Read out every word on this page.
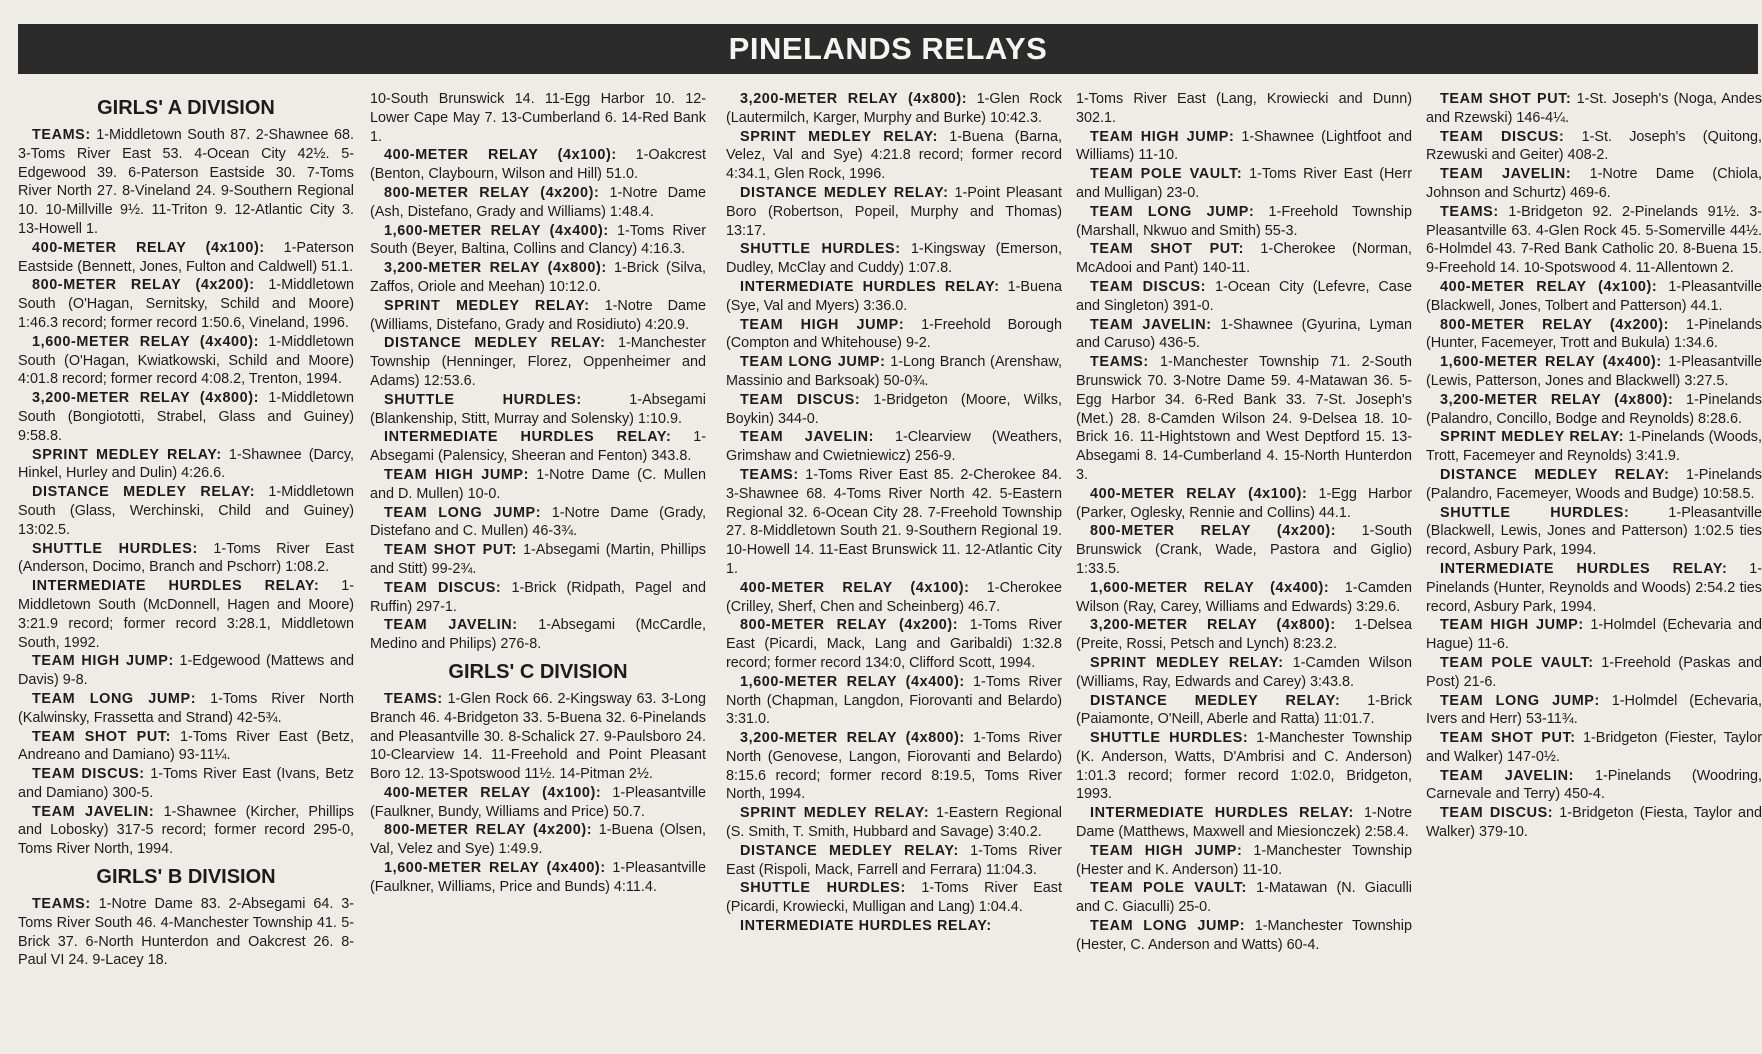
PINELANDS RELAYS
GIRLS' A DIVISION

TEAMS: 1-Middletown South 87. 2-Shawnee 68. 3-Toms River East 53. 4-Ocean City 42½. 5-Edgewood 39. 6-Paterson Eastside 30. 7-Toms River North 27. 8-Vineland 24. 9-Southern Regional 10. 10-Millville 9½. 11-Triton 9. 12-Atlantic City 3. 13-Howell 1.

400-METER RELAY (4x100): 1-Paterson Eastside (Bennett, Jones, Fulton and Caldwell) 51.1.

800-METER RELAY (4x200): 1-Middletown South (O'Hagan, Sernitsky, Schild and Moore) 1:46.3 record; former record 1:50.6, Vineland, 1996.

1,600-METER RELAY (4x400): 1-Middletown South (O'Hagan, Kwiatkowski, Schild and Moore) 4:01.8 record; former record 4:08.2, Trenton, 1994.

3,200-METER RELAY (4x800): 1-Middletown South (Bongiototti, Strabel, Glass and Guiney) 9:58.8.

SPRINT MEDLEY RELAY: 1-Shawnee (Darcy, Hinkel, Hurley and Dulin) 4:26.6.

DISTANCE MEDLEY RELAY: 1-Middletown South (Glass, Werchinski, Child and Guiney) 13:02.5.

SHUTTLE HURDLES: 1-Toms River East (Anderson, Docimo, Branch and Pschorr) 1:08.2.

INTERMEDIATE HURDLES RELAY: 1-Middletown South (McDonnell, Hagen and Moore) 3:21.9 record; former record 3:28.1, Middletown South, 1992.

TEAM HIGH JUMP: 1-Edgewood (Mattews and Davis) 9-8.

TEAM LONG JUMP: 1-Toms River North (Kalwinsky, Frassetta and Strand) 42-5¾.

TEAM SHOT PUT: 1-Toms River East (Betz, Andreano and Damiano) 93-11¼.

TEAM DISCUS: 1-Toms River East (Ivans, Betz and Damiano) 300-5.

TEAM JAVELIN: 1-Shawnee (Kircher, Phillips and Lobosky) 317-5 record; former record 295-0, Toms River North, 1994.

GIRLS' B DIVISION

TEAMS: 1-Notre Dame 83. 2-Absegami 64. 3-Toms River South 46. 4-Manchester Township 41. 5-Brick 37. 6-North Hunterdon and Oakcrest 26. 8-Paul VI 24. 9-Lacey 18.

10-South Brunswick 14. 11-Egg Harbor 10. 12-Lower Cape May 7. 13-Cumberland 6. 14-Red Bank 1.

400-METER RELAY (4x100): 1-Oakcrest (Benton, Claybourn, Wilson and Hill) 51.0.

800-METER RELAY (4x200): 1-Notre Dame (Ash, Distefano, Grady and Williams) 1:48.4.

1,600-METER RELAY (4x400): 1-Toms River South (Beyer, Baltina, Collins and Clancy) 4:16.3.

3,200-METER RELAY (4x800): 1-Brick (Silva, Zaffos, Oriole and Meehan) 10:12.0.

SPRINT MEDLEY RELAY: 1-Notre Dame (Williams, Distefano, Grady and Rosidiuto) 4:20.9.

DISTANCE MEDLEY RELAY: 1-Manchester Township (Henninger, Florez, Oppenheimer and Adams) 12:53.6.

SHUTTLE HURDLES:	1-Absegami (Blankenship, Stitt, Murray and Solensky) 1:10.9.

INTERMEDIATE HURDLES RELAY: 1-Absegami (Palensicy, Sheeran and Fenton) 343.8.

TEAM HIGH JUMP: 1-Notre Dame (C. Mullen and D. Mullen) 10-0.

TEAM LONG JUMP: 1-Notre Dame (Grady, Distefano and C. Mullen) 46-3¾.

TEAM SHOT PUT: 1-Absegami (Martin, Phillips and Stitt) 99-2¾.

TEAM DISCUS: 1-Brick (Ridpath, Pagel and Ruffin) 297-1.

TEAM JAVELIN: 1-Absegami (McCardle, Medino and Philips) 276-8.

GIRLS' C DIVISION

TEAMS: 1-Glen Rock 66. 2-Kingsway 63. 3-Long Branch 46. 4-Bridgeton 33. 5-Buena 32. 6-Pinelands and Pleasantville 30. 8-Schalick 27. 9-Paulsboro 24. 10-Clearview 14. 11-Freehold and Point Pleasant Boro 12. 13-Spotswood 11½. 14-Pitman 2½.

400-METER RELAY (4x100): 1-Pleasantville (Faulkner, Bundy, Williams and Price) 50.7.

800-METER RELAY (4x200): 1-Buena (Olsen, Val, Velez and Sye) 1:49.9.

1,600-METER RELAY (4x400): 1-Pleasantville (Faulkner, Williams, Price and Bunds) 4:11.4.

3,200-METER RELAY (4x800): 1-Glen Rock (Lautermilch, Karger, Murphy and Burke) 10:42.3.

SPRINT MEDLEY RELAY: 1-Buena (Barna, Velez, Val and Sye) 4:21.8 record; former record 4:34.1, Glen Rock, 1996.

DISTANCE MEDLEY RELAY: 1-Point Pleasant Boro (Robertson, Popeil, Murphy and Thomas) 13:17.

SHUTTLE HURDLES: 1-Kingsway (Emerson, Dudley, McClay and Cuddy) 1:07.8.

INTERMEDIATE HURDLES RELAY: 1-Buena (Sye, Val and Myers) 3:36.0.

TEAM HIGH JUMP: 1-Freehold Borough (Compton and Whitehouse) 9-2.

TEAM LONG JUMP: 1-Long Branch (Arenshaw, Massinio and Barksoak) 50-0¾.

TEAM DISCUS: 1-Bridgeton (Moore, Wilks, Boykin) 344-0.

TEAM JAVELIN: 1-Clearview (Weathers, Grimshaw and Cwietniewicz) 256-9.

TEAMS: 1-Toms River East 85. 2-Cherokee 84. 3-Shawnee 68. 4-Toms River North 42. 5-Eastern Regional 32. 6-Ocean City 28. 7-Freehold Township 27. 8-Middletown South 21. 9-Southern Regional 19. 10-Howell 14. 11-East Brunswick 11. 12-Atlantic City 1.

400-METER RELAY (4x100): 1-Cherokee (Crilley, Sherf, Chen and Scheinberg) 46.7.

800-METER RELAY (4x200): 1-Toms River East (Picardi, Mack, Lang and Garibaldi) 1:32.8 record; former record 134:0, Clifford Scott, 1994.

1,600-METER RELAY (4x400): 1-Toms River North (Chapman, Langdon, Fiorovanti and Belardo) 3:31.0.

3,200-METER RELAY (4x800): 1-Toms River North (Genovese, Langon, Fiorovanti and Belardo) 8:15.6 record; former record 8:19.5, Toms River North, 1994.

SPRINT MEDLEY RELAY: 1-Eastern Regional (S. Smith, T. Smith, Hubbard and Savage) 3:40.2.

DISTANCE MEDLEY RELAY: 1-Toms River East (Rispoli, Mack, Farrell and Ferrara) 11:04.3.

SHUTTLE HURDLES: 1-Toms River East (Picardi, Krowiecki, Mulligan and Lang) 1:04.4.

INTERMEDIATE HURDLES RELAY:

1-Toms River East (Lang, Krowiecki and Dunn) 302.1.

TEAM HIGH JUMP: 1-Shawnee (Lightfoot and Williams) 11-10.

TEAM POLE VAULT: 1-Toms River East (Herr and Mulligan) 23-0.

TEAM LONG JUMP: 1-Freehold Township (Marshall, Nkwuo and Smith) 55-3.

TEAM SHOT PUT: 1-Cherokee (Norman, McAdooi and Pant) 140-11.

TEAM DISCUS: 1-Ocean City (Lefevre, Case and Singleton) 391-0.

TEAM JAVELIN: 1-Shawnee (Gyurina, Lyman and Caruso) 436-5.

TEAMS: 1-Manchester Township 71. 2-South Brunswick 70. 3-Notre Dame 59. 4-Matawan 36. 5-Egg Harbor 34. 6-Red Bank 33. 7-St. Joseph's (Met.) 28. 8-Camden Wilson 24. 9-Delsea 18. 10-Brick 16. 11-Hightstown and West Deptford 15. 13-Absegami 8. 14-Cumberland 4. 15-North Hunterdon 3.

400-METER RELAY (4x100): 1-Egg Harbor (Parker, Oglesky, Rennie and Collins) 44.1.

800-METER RELAY (4x200): 1-South Brunswick (Crank, Wade, Pastora and Giglio) 1:33.5.

1,600-METER RELAY (4x400): 1-Camden Wilson (Ray, Carey, Williams and Edwards) 3:29.6.

3,200-METER RELAY (4x800): 1-Delsea (Preite, Rossi, Petsch and Lynch) 8:23.2.

SPRINT MEDLEY RELAY: 1-Camden Wilson (Williams, Ray, Edwards and Carey) 3:43.8.

DISTANCE MEDLEY RELAY: 1-Brick (Paiamonte, O'Neill, Aberle and Ratta) 11:01.7.

SHUTTLE HURDLES: 1-Manchester Township (K. Anderson, Watts, D'Ambrisi and C. Anderson) 1:01.3 record; former record 1:02.0, Bridgeton, 1993.

INTERMEDIATE HURDLES RELAY: 1-Notre Dame (Matthews, Maxwell and Miesionczek) 2:58.4.

TEAM HIGH JUMP: 1-Manchester Township (Hester and K. Anderson) 11-10.

TEAM POLE VAULT: 1-Matawan (N. Giaculli and C. Giaculli) 25-0.

TEAM LONG JUMP: 1-Manchester Township (Hester, C. Anderson and Watts) 60-4.

TEAM SHOT PUT: 1-St. Joseph's (Noga, Andes and Rzewski) 146-4¼.

TEAM DISCUS: 1-St. Joseph's (Quitong, Rzewuski and Geiter) 408-2.

TEAM JAVELIN: 1-Notre Dame (Chiola, Johnson and Schurtz) 469-6.

TEAMS: 1-Bridgeton 92. 2-Pinelands 91½. 3-Pleasantville 63. 4-Glen Rock 45. 5-Somerville 44½. 6-Holmdel 43. 7-Red Bank Catholic 20. 8-Buena 15. 9-Freehold 14. 10-Spotswood 4. 11-Allentown 2.

400-METER RELAY (4x100): 1-Pleasantville (Blackwell, Jones, Tolbert and Patterson) 44.1.

800-METER RELAY (4x200): 1-Pinelands (Hunter, Facemeyer, Trott and Bukula) 1:34.6.

1,600-METER RELAY (4x400): 1-Pleasantville (Lewis, Patterson, Jones and Blackwell) 3:27.5.

3,200-METER RELAY (4x800): 1-Pinelands (Palandro, Concillo, Bodge and Reynolds) 8:28.6.

SPRINT MEDLEY RELAY: 1-Pinelands (Woods, Trott, Facemeyer and Reynolds) 3:41.9.

DISTANCE MEDLEY RELAY: 1-Pinelands (Palandro, Facemeyer, Woods and Budge) 10:58.5.

SHUTTLE HURDLES:	1-Pleasantville (Blackwell, Lewis, Jones and Patterson) 1:02.5 ties record, Asbury Park, 1994.

INTERMEDIATE HURDLES RELAY: 1-Pinelands (Hunter, Reynolds and Woods) 2:54.2 ties record, Asbury Park, 1994.

TEAM HIGH JUMP: 1-Holmdel (Echevaria and Hague) 11-6.

TEAM POLE VAULT: 1-Freehold (Paskas and Post) 21-6.

TEAM LONG JUMP: 1-Holmdel (Echevaria, Ivers and Herr) 53-11¾.

TEAM SHOT PUT: 1-Bridgeton (Fiester, Taylor and Walker) 147-0½.

TEAM JAVELIN: 1-Pinelands (Woodring, Carnevale and Terry) 450-4.

TEAM DISCUS: 1-Bridgeton (Fiesta, Taylor and Walker) 379-10.
